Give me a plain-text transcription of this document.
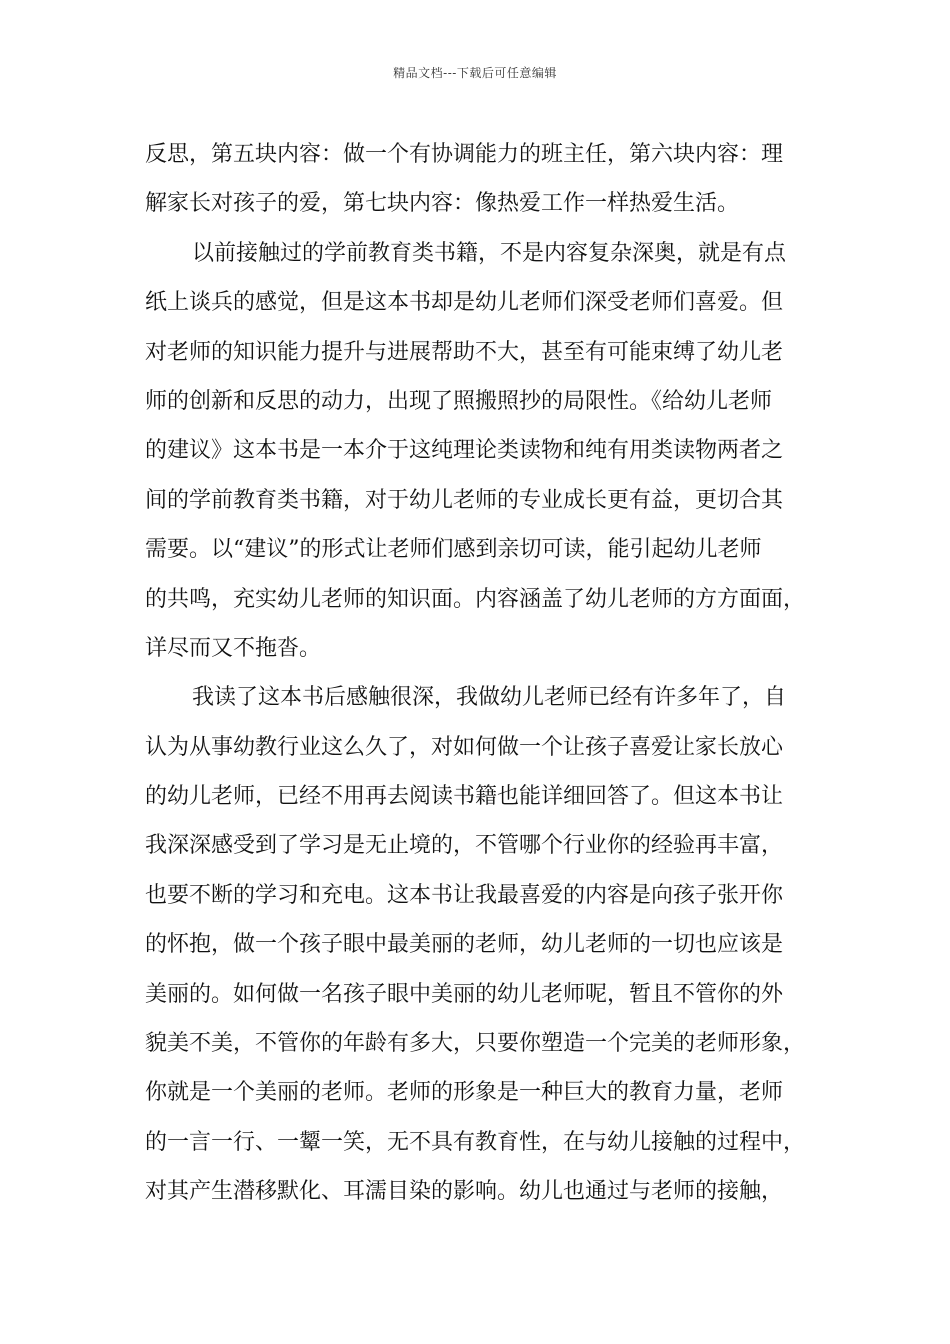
精品文档---下载后可任意编辑
反思，第五块内容：做一个有协调能力的班主任，第六块内容：理
解家长对孩子的爱，第七块内容：像热爱工作一样热爱生活。
以前接触过的学前教育类书籍，不是内容复杂深奥，就是有点
纸上谈兵的感觉，但是这本书却是幼儿老师们深受老师们喜爱。但
对老师的知识能力提升与进展帮助不大，甚至有可能束缚了幼儿老
师的创新和反思的动力，出现了照搬照抄的局限性。《给幼儿老师
的建议》这本书是一本介于这纯理论类读物和纯有用类读物两者之
间的学前教育类书籍，对于幼儿老师的专业成长更有益，更切合其
需要。以“建议”的形式让老师们感到亲切可读，能引起幼儿老师
的共鸣，充实幼儿老师的知识面。内容涵盖了幼儿老师的方方面面，
详尽而又不拖沓。
我读了这本书后感触很深，我做幼儿老师已经有许多年了，自
认为从事幼教行业这么久了，对如何做一个让孩子喜爱让家长放心
的幼儿老师，已经不用再去阅读书籍也能详细回答了。但这本书让
我深深感受到了学习是无止境的，不管哪个行业你的经验再丰富，
也要不断的学习和充电。这本书让我最喜爱的内容是向孩子张开你
的怀抱，做一个孩子眼中最美丽的老师，幼儿老师的一切也应该是
美丽的。如何做一名孩子眼中美丽的幼儿老师呢，暂且不管你的外
貌美不美，不管你的年龄有多大，只要你塑造一个完美的老师形象，
你就是一个美丽的老师。老师的形象是一种巨大的教育力量，老师
的一言一行、一颦一笑，无不具有教育性，在与幼儿接触的过程中，
对其产生潜移默化、耳濡目染的影响。幼儿也通过与老师的接触，
